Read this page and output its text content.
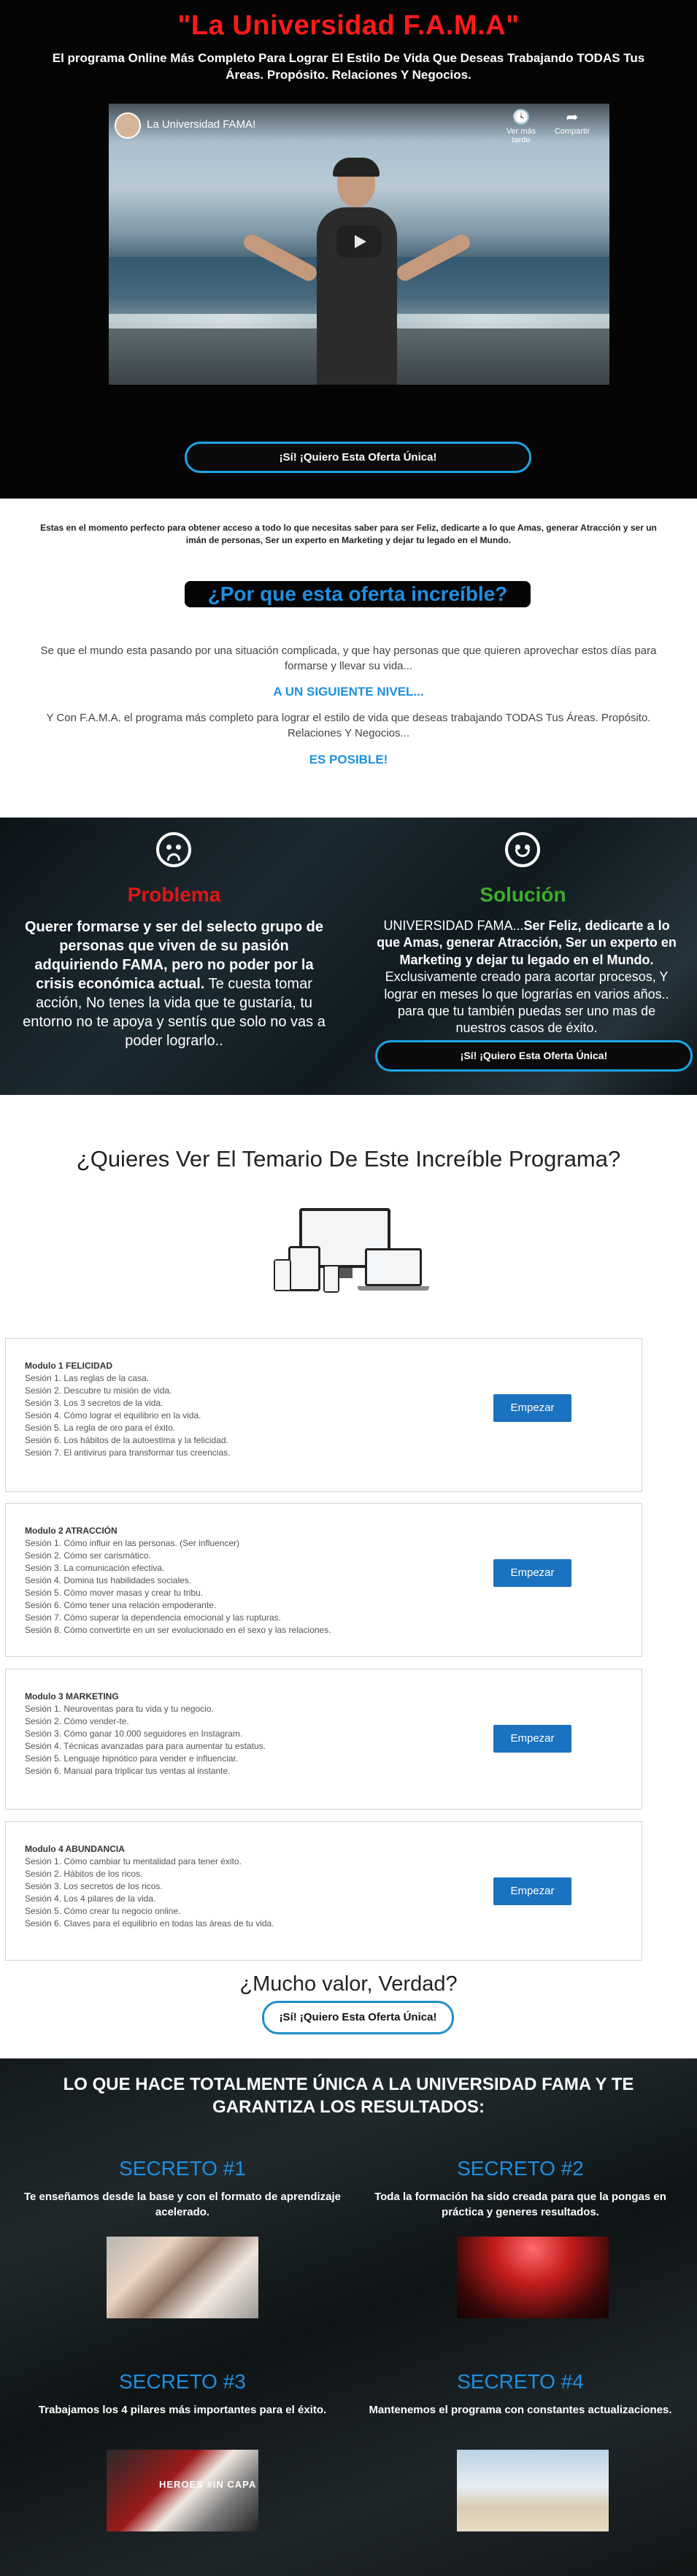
"La Universidad F.A.M.A"

El programa Online Más Completo Para Lograr El Estilo De Vida Que Deseas Trabajando TODAS Tus Áreas. Propósito. Relaciones Y Negocios.

La Universidad FAMA!	🕓
Ver más tarde
➦
Compartir
¡Sí! ¡Quiero Esta Oferta Única!

Estas en el momento perfecto para obtener acceso a todo lo que necesitas saber para ser Feliz, dedicarte a lo que Amas, generar Atracción y ser un imán de personas, Ser un experto en Marketing y dejar tu legado en el Mundo.

¿Por que esta oferta increíble?

Se que el mundo esta pasando por una situación complicada, y que hay personas que que quieren aprovechar estos días para formarse y llevar su vida...

A UN SIGUIENTE NIVEL...

Y Con F.A.M.A. el programa más completo para lograr el estilo de vida que deseas trabajando TODAS Tus Áreas. Propósito. Relaciones Y Negocios...

ES POSIBLE!

Problema

Querer formarse y ser del selecto grupo de personas que viven de su pasión adquiriendo FAMA, pero no poder por la crisis económica actual. Te cuesta tomar acción, No tenes la vida que te gustaría, tu entorno no te apoya y sentís que solo no vas a poder lograrlo..

Solución

UNIVERSIDAD FAMA...Ser Feliz, dedicarte a lo que Amas, generar Atracción, Ser un experto en Marketing y dejar tu legado en el Mundo. Exclusivamente creado para acortar procesos, Y lograr en meses lo que lograrías en varios años.. para que tu también puedas ser uno mas de nuestros casos de éxito.

¡Sí! ¡Quiero Esta Oferta Única!
¿Quieres Ver El Temario De Este Increíble Programa?
Modulo 1 FELICIDAD
Sesión 1. Las reglas de la casa.
Sesión 2. Descubre tu misión de vida.
Sesión 3. Los 3 secretos de la vida.
Sesión 4. Cómo lograr el equilibrio en la vida.
Sesión 5. La regla de oro para el éxito.
Sesión 6. Los hábitos de la autoestima y la felicidad.
Sesión 7. El antivirus para transformar tus creencias.
Empezar
Modulo 2 ATRACCIÓN
Sesión 1. Cómo influir en las personas. (Ser influencer)
Sesión 2. Cómo ser carismático.
Sesión 3. La comunicación efectiva.
Sesión 4. Domina tus habilidades sociales.
Sesión 5. Cómo mover masas y crear tu tribu.
Sesión 6. Cómo tener una relación empoderante.
Sesión 7. Cómo superar la dependencia emocional y las rupturas.
Sesión 8. Cómo convertirte en un ser evolucionado en el sexo y las relaciones.
Empezar
Modulo 3 MARKETING
Sesión 1. Neuroventas para tu vida y tu negocio.
Sesión 2. Cómo vender-te.
Sesión 3. Cómo ganar 10.000 seguidores en Instagram.
Sesión 4. Técnicas avanzadas para para aumentar tu estatus.
Sesión 5. Lenguaje hipnótico para vender e influenciar.
Sesión 6. Manual para triplicar tus ventas al instante.
Empezar
Modulo 4 ABUNDANCIA
Sesión 1. Cómo cambiar tu mentalidad para tener éxito.
Sesión 2. Hábitos de los ricos.
Sesión 3. Los secretos de los ricos.
Sesión 4. Los 4 pilares de la vida.
Sesión 5. Cómo crear tu negocio online.
Sesión 6. Claves para el equilibrio en todas las áreas de tu vida.
Empezar
¿Mucho valor, Verdad?
¡Sí! ¡Quiero Esta Oferta Única!
LO QUE HACE TOTALMENTE ÚNICA A LA UNIVERSIDAD FAMA Y TE GARANTIZA LOS RESULTADOS:
SECRETO #1

Te enseñamos desde la base y con el formato de aprendizaje acelerado.

SECRETO #2

Toda la formación ha sido creada para que la pongas en práctica y generes resultados.

SECRETO #3

Trabajamos los 4 pilares más importantes para el éxito.

HEROES #IN CAPA
SECRETO #4

Mantenemos el programa con constantes actualizaciones.
